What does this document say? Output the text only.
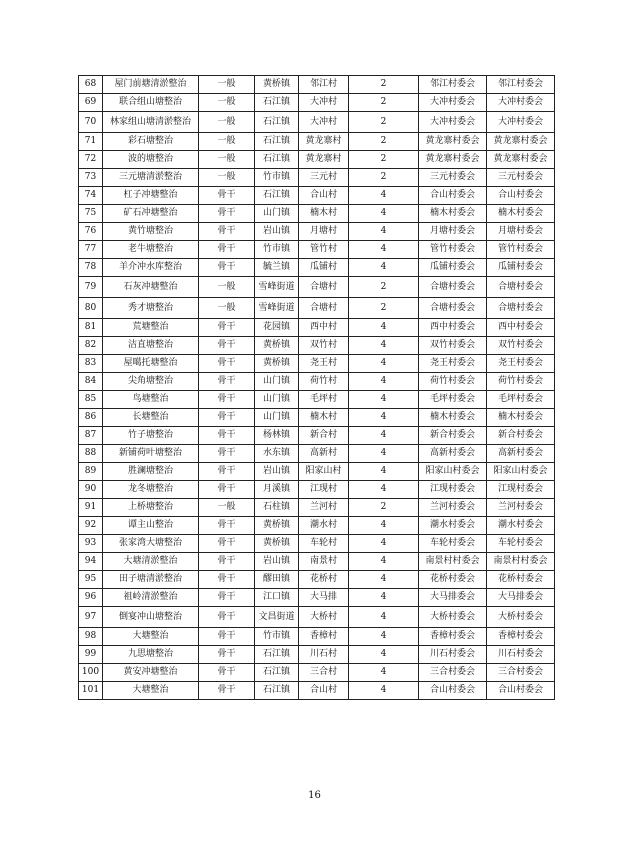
68	屋门前塘清淤整治	一般	黄桥镇	邻江村	2	邻江村委会	邻江村委会
69	联合组山塘整治	一般	石江镇	大冲村	2	大冲村委会	大冲村委会
70	林家组山塘清淤整治	一般	石江镇	大冲村	2	大冲村委会	大冲村委会
71	彩石塘整治	一般	石江镇	黄龙寨村	2	黄龙寨村委会	黄龙寨村委会
72	波的塘整治	一般	石江镇	黄龙寨村	2	黄龙寨村委会	黄龙寨村委会
73	三元塘清淤整治	一般	竹市镇	三元村	2	三元村委会	三元村委会
74	杠子冲塘整治	骨干	石江镇	合山村	4	合山村委会	合山村委会
75	矿石冲塘整治	骨干	山门镇	楠木村	4	楠木村委会	楠木村委会
76	黄竹塘整治	骨干	岩山镇	月塘村	4	月塘村委会	月塘村委会
77	老牛塘整治	骨干	竹市镇	管竹村	4	管竹村委会	管竹村委会
78	羊介冲水库整治	骨干	毓兰镇	瓜铺村	4	瓜铺村委会	瓜铺村委会
79	石灰冲塘整治	一般	雪峰街道	合塘村	2	合塘村委会	合塘村委会
80	秀才塘整治	一般	雪峰街道	合塘村	2	合塘村委会	合塘村委会
81	荒塘整治	骨干	花园镇	西中村	4	西中村委会	西中村委会
82	洁直塘整治	骨干	黄桥镇	双竹村	4	双竹村委会	双竹村委会
83	屋噶托塘整治	骨干	黄桥镇	尧王村	4	尧王村委会	尧王村委会
84	尖角塘整治	骨干	山门镇	荷竹村	4	荷竹村委会	荷竹村委会
85	鸟塘整治	骨干	山门镇	毛坪村	4	毛坪村委会	毛坪村委会
86	长塘整治	骨干	山门镇	楠木村	4	楠木村委会	楠木村委会
87	竹子塘整治	骨干	杨林镇	新合村	4	新合村委会	新合村委会
88	新铺荷叶塘整治	骨干	水东镇	高新村	4	高新村委会	高新村委会
89	胜澜塘整治	骨干	岩山镇	阳家山村	4	阳家山村委会	阳家山村委会
90	龙冬塘整治	骨干	月溪镇	江现村	4	江现村委会	江现村委会
91	上桥塘整治	一般	石柱镇	兰河村	2	兰河村委会	兰河村委会
92	谭主山整治	骨干	黄桥镇	潮水村	4	潮水村委会	潮水村委会
93	张家湾大塘整治	骨干	黄桥镇	车轮村	4	车轮村委会	车轮村委会
94	大塘清淤整治	骨干	岩山镇	南景村	4	南景村村委会	南景村村委会
95	田子塘清淤整治	骨干	醪田镇	花桥村	4	花桥村委会	花桥村委会
96	祖岭清淤整治	骨干	江口镇	大马排	4	大马排委会	大马排委会
97	倒宴冲山塘整治	骨干	文昌街道	大桥村	4	大桥村委会	大桥村委会
98	大塘整治	骨干	竹市镇	香樟村	4	香樟村委会	香樟村委会
99	九思塘整治	骨干	石江镇	川石村	4	川石村委会	川石村委会
100	黄安冲塘整治	骨干	石江镇	三合村	4	三合村委会	三合村委会
101	大塘整治	骨干	石江镇	合山村	4	合山村委会	合山村委会
16
